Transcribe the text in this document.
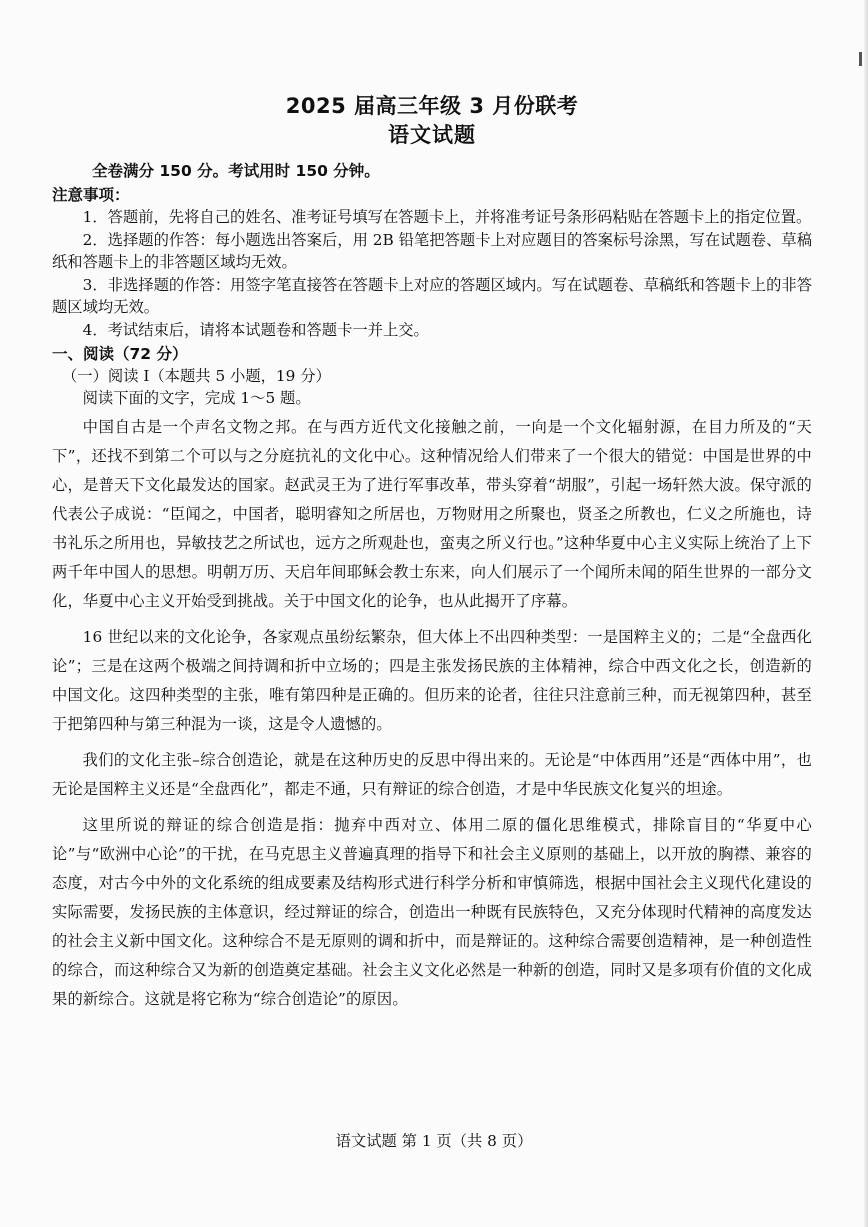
2025 届高三年级 3 月份联考
语文试题

全卷满分 150 分。考试用时 150 分钟。

注意事项：

1．答题前，先将自己的姓名、准考证号填写在答题卡上，并将准考证号条形码粘贴在答题卡上的指定位置。

2．选择题的作答：每小题选出答案后，用 2B 铅笔把答题卡上对应题目的答案标号涂黑，写在试题卷、草稿纸和答题卡上的非答题区域均无效。

3．非选择题的作答：用签字笔直接答在答题卡上对应的答题区域内。写在试题卷、草稿纸和答题卡上的非答题区域均无效。

4．考试结束后，请将本试题卷和答题卡一并上交。

一、阅读（72 分）

（一）阅读 I（本题共 5 小题，19 分）

阅读下面的文字，完成 1～5 题。

中国自古是一个声名文物之邦。在与西方近代文化接触之前，一向是一个文化辐射源，在目力所及的“天下”，还找不到第二个可以与之分庭抗礼的文化中心。这种情况给人们带来了一个很大的错觉：中国是世界的中心，是普天下文化最发达的国家。赵武灵王为了进行军事改革，带头穿着“胡服”，引起一场轩然大波。保守派的代表公子成说：“臣闻之，中国者，聪明睿知之所居也，万物财用之所聚也，贤圣之所教也，仁义之所施也，诗书礼乐之所用也，异敏技艺之所试也，远方之所观赴也，蛮夷之所义行也。”这种华夏中心主义实际上统治了上下两千年中国人的思想。明朝万历、天启年间耶稣会教士东来，向人们展示了一个闻所未闻的陌生世界的一部分文化，华夏中心主义开始受到挑战。关于中国文化的论争，也从此揭开了序幕。

16 世纪以来的文化论争，各家观点虽纷纭繁杂，但大体上不出四种类型：一是国粹主义的；二是“全盘西化论”；三是在这两个极端之间持调和折中立场的；四是主张发扬民族的主体精神，综合中西文化之长，创造新的中国文化。这四种类型的主张，唯有第四种是正确的。但历来的论者，往往只注意前三种，而无视第四种，甚至于把第四种与第三种混为一谈，这是令人遗憾的。

我们的文化主张–综合创造论，就是在这种历史的反思中得出来的。无论是“中体西用”还是“西体中用”，也无论是国粹主义还是“全盘西化”，都走不通，只有辩证的综合创造，才是中华民族文化复兴的坦途。

这里所说的辩证的综合创造是指：抛弃中西对立、体用二原的僵化思维模式，排除盲目的“华夏中心论”与“欧洲中心论”的干扰，在马克思主义普遍真理的指导下和社会主义原则的基础上，以开放的胸襟、兼容的态度，对古今中外的文化系统的组成要素及结构形式进行科学分析和审慎筛选，根据中国社会主义现代化建设的实际需要，发扬民族的主体意识，经过辩证的综合，创造出一种既有民族特色，又充分体现时代精神的高度发达的社会主义新中国文化。这种综合不是无原则的调和折中，而是辩证的。这种综合需要创造精神，是一种创造性的综合，而这种综合又为新的创造奠定基础。社会主义文化必然是一种新的创造，同时又是多项有价值的文化成果的新综合。这就是将它称为“综合创造论”的原因。

语文试题 第 1 页（共 8 页）
